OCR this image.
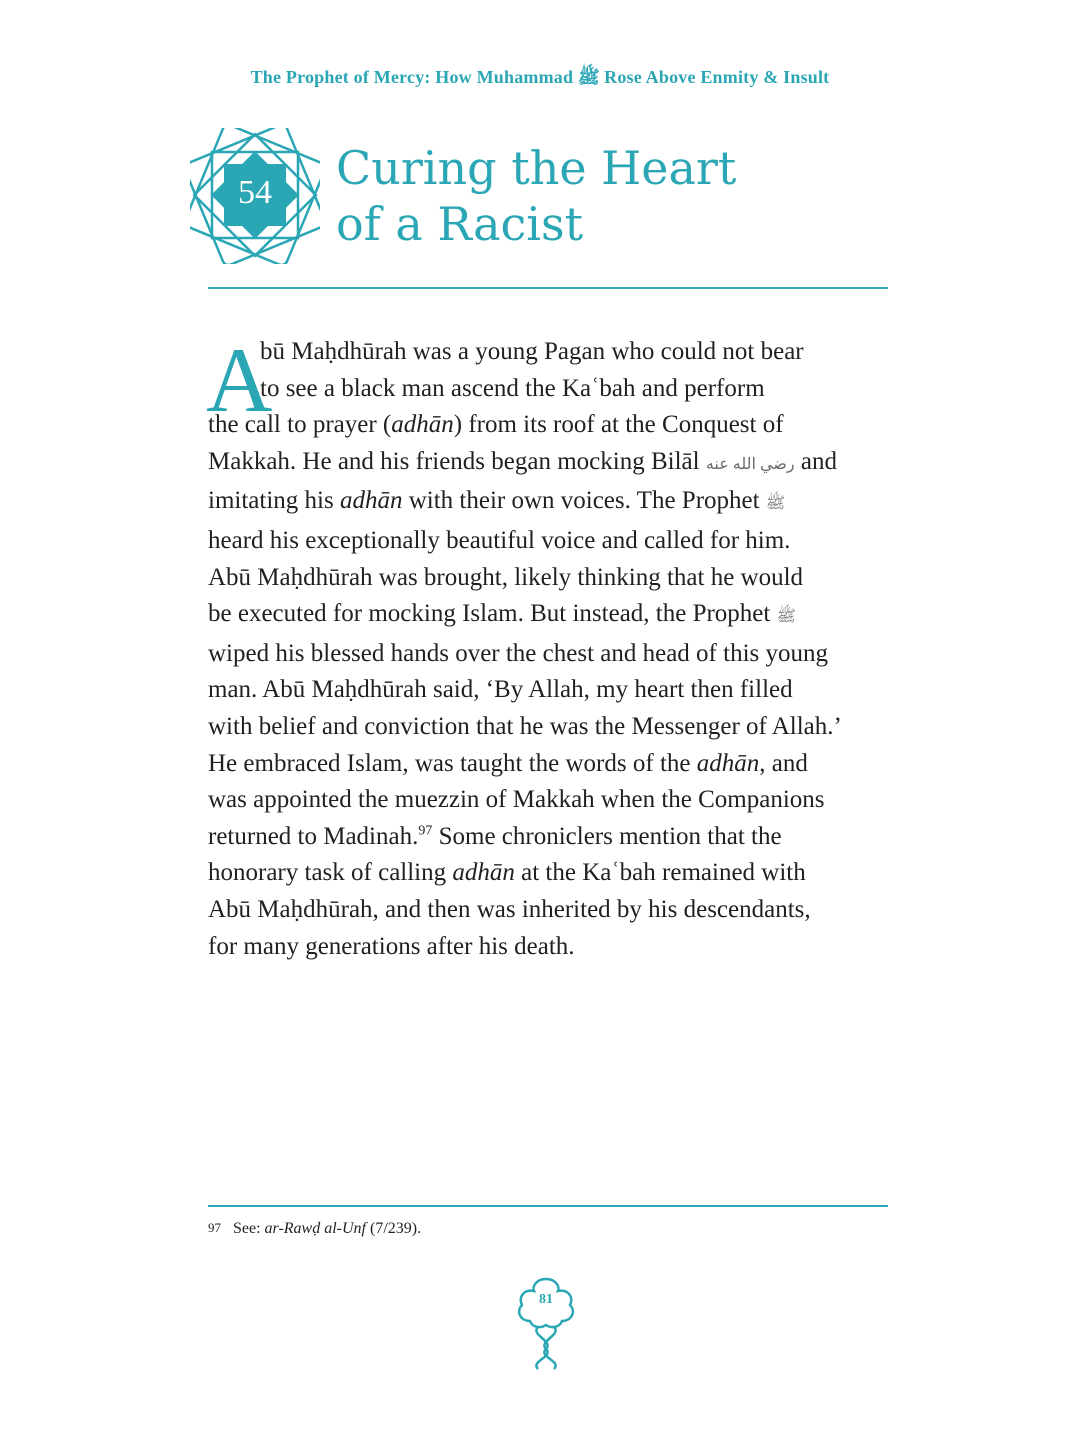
The Prophet of Mercy: How Muhammad ﷺ Rose Above Enmity & Insult
54	Curing the Heart
of a Racist
A
bū Maḥdhūrah was a young Pagan who could not bear
to see a black man ascend the Kaʿbah and perform
the call to prayer (adhān) from its roof at the Conquest of
Makkah. He and his friends began mocking Bilāl رضي الله عنه and
imitating his adhān with their own voices. The Prophet ﷺ
heard his exceptionally beautiful voice and called for him.
Abū Maḥdhūrah was brought, likely thinking that he would
be executed for mocking Islam. But instead, the Prophet ﷺ
wiped his blessed hands over the chest and head of this young
man. Abū Maḥdhūrah said, ‘By Allah, my heart then filled
with belief and conviction that he was the Messenger of Allah.’
He embraced Islam, was taught the words of the adhān, and
was appointed the muezzin of Makkah when the Companions
returned to Madinah.$^{97}$ Some chroniclers mention that the
honorary task of calling adhān at the Kaʿbah remained with
Abū Maḥdhūrah, and then was inherited by his descendants,
for many generations after his death.
$^{97}$ See: ar-Rawḍ al-Unf (7/239).
81
